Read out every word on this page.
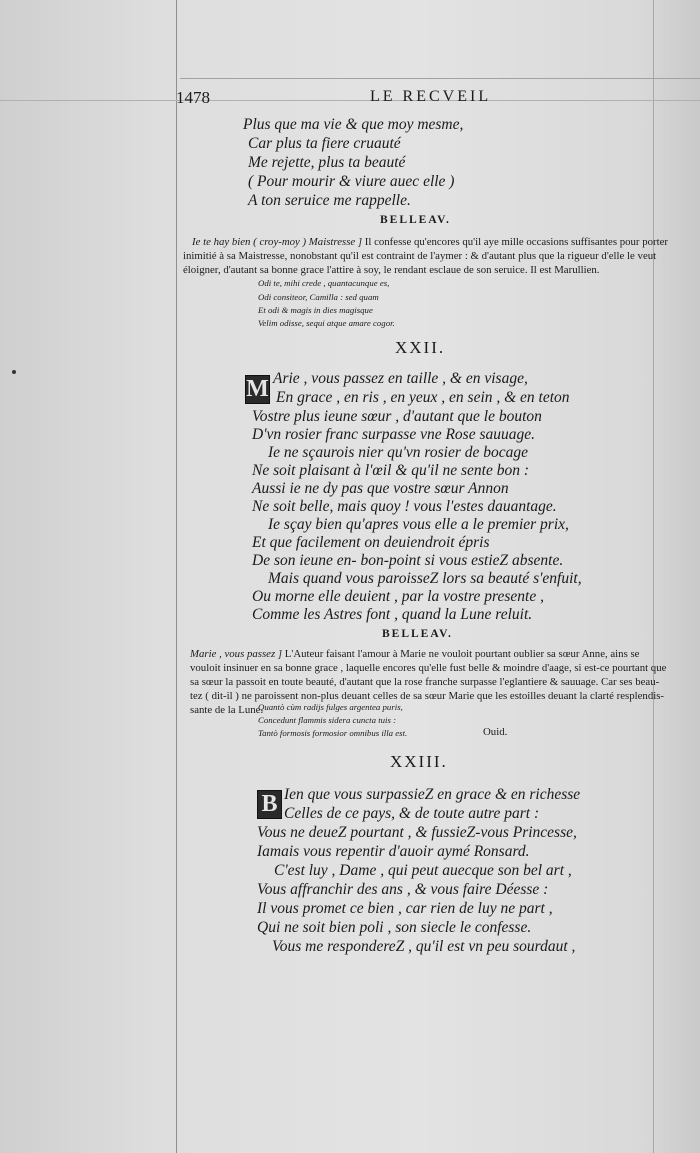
1478	LE RECVEIL
Plus que ma vie & que moy mesme,
Car plus ta fiere cruauté
Me rejette, plus ta beauté
( Pour mourir & viure auec elle )
A ton seruice me rappelle.
BELLEAV.
Ie te hay bien ( croy-moy ) Maistresse ] Il confesse qu'encores qu'il aye mille occasions suffisantes pour porter
inimitié à sa Maistresse, nonobstant qu'il est contraint de l'aymer : & d'autant plus que la rigueur d'elle le veut
éloigner, d'autant sa bonne grace l'attire à soy, le rendant esclaue de son seruice. Il est Marullien.
Odi te, mihi crede , quantacunque es,
Odi consiteor, Camilla : sed quam
Et odi & magis in dies magisque
Velim odisse, sequi atque amare cogor.
XXII.
M Arie , vous passez en taille , & en visage,
En grace , en ris , en yeux , en sein , & en teton
Vostre plus ieune sœur , d'autant que le bouton
D'vn rosier franc surpasse vne Rose sauuage.
Ie ne sçaurois nier qu'vn rosier de bocage
Ne soit plaisant à l'œil & qu'il ne sente bon :
Aussi ie ne dy pas que vostre sœur Annon
Ne soit belle, mais quoy ! vous l'estes dauantage.
Ie sçay bien qu'apres vous elle a le premier prix,
Et que facilement on deuiendroit épris
De son ieune en- bon-point si vous estieZ absente.
Mais quand vous paroisseZ lors sa beauté s'enfuit,
Ou morne elle deuient , par la vostre presente ,
Comme les Astres font , quand la Lune reluit.
BELLEAV.
Marie , vous passez ] L'Auteur faisant l'amour à Marie ne vouloit pourtant oublier sa sœur Anne, ains se
vouloit insinuer en sa bonne grace , laquelle encores qu'elle fust belle & moindre d'aage, si est-ce pourtant que
sa sœur la passoit en toute beauté, d'autant que la rose franche surpasse l'eglantiere & sauuage. Car ses beau-
tez ( dit-il ) ne paroissent non-plus deuant celles de sa sœur Marie que les estoilles deuant la clarté resplendis-
sante de la Lune.
Quantò cùm radijs fulges argentea puris,
Concedunt flammis sidera cuncta tuis :
Tantò formosis formosior omnibus illa est.	Ouid.
XXIII.
B Ien que vous surpassieZ en grace & en richesse
Celles de ce pays, & de toute autre part :
Vous ne deueZ pourtant , & fussieZ-vous Princesse,
Iamais vous repentir d'auoir aymé Ronsard.
C'est luy , Dame , qui peut auecque son bel art ,
Vous affranchir des ans , & vous faire Déesse :
Il vous promet ce bien , car rien de luy ne part ,
Qui ne soit bien poli , son siecle le confesse.
Vous me respondereZ , qu'il est vn peu sourdaut ,
